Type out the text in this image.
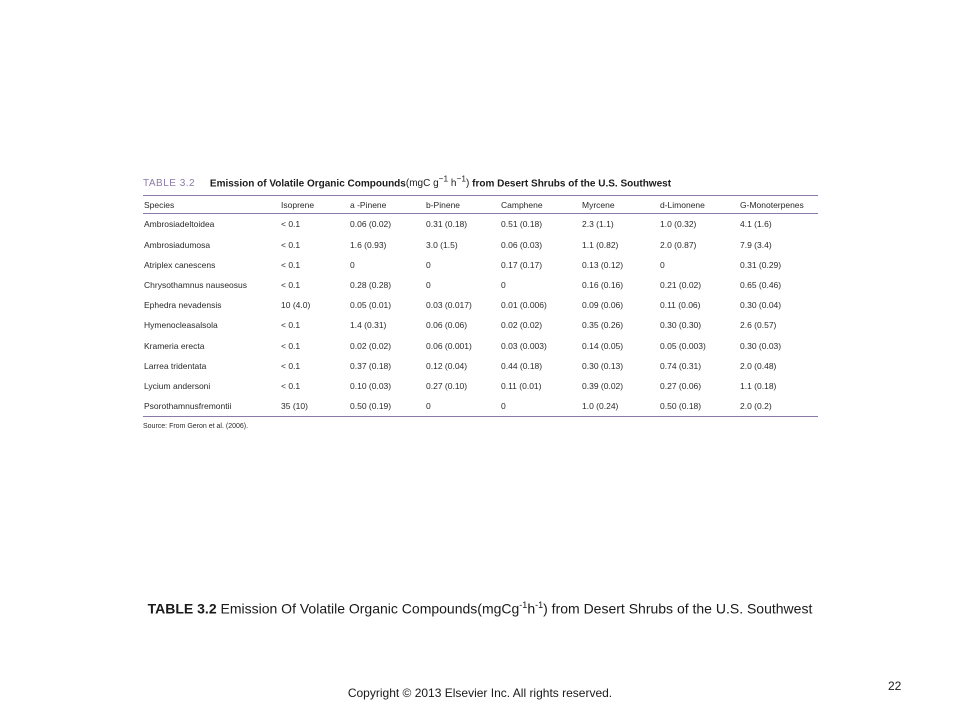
TABLE 3.2 Emission of Volatile Organic Compounds(mgC $g^{-1}$ $h^{-1}$) from Desert Shrubs of the U.S. Southwest
Species	Isoprene	a -Pinene	b-Pinene	Camphene	Myrcene	d-Limonene	G-Monoterpenes
Ambrosiadeltoidea	< 0.1	0.06 (0.02)	0.31 (0.18)	0.51 (0.18)	2.3 (1.1)	1.0 (0.32)	4.1 (1.6)
Ambrosiadumosa	< 0.1	1.6 (0.93)	3.0 (1.5)	0.06 (0.03)	1.1 (0.82)	2.0 (0.87)	7.9 (3.4)
Atriplex canescens	< 0.1	0	0	0.17 (0.17)	0.13 (0.12)	0	0.31 (0.29)
Chrysothamnus nauseosus	< 0.1	0.28 (0.28)	0	0	0.16 (0.16)	0.21 (0.02)	0.65 (0.46)
Ephedra nevadensis	10 (4.0)	0.05 (0.01)	0.03 (0.017)	0.01 (0.006)	0.09 (0.06)	0.11 (0.06)	0.30 (0.04)
Hymenocleasalsola	< 0.1	1.4 (0.31)	0.06 (0.06)	0.02 (0.02)	0.35 (0.26)	0.30 (0.30)	2.6 (0.57)
Krameria erecta	< 0.1	0.02 (0.02)	0.06 (0.001)	0.03 (0.003)	0.14 (0.05)	0.05 (0.003)	0.30 (0.03)
Larrea tridentata	< 0.1	0.37 (0.18)	0.12 (0.04)	0.44 (0.18)	0.30 (0.13)	0.74 (0.31)	2.0 (0.48)
Lycium andersoni	< 0.1	0.10 (0.03)	0.27 (0.10)	0.11 (0.01)	0.39 (0.02)	0.27 (0.06)	1.1 (0.18)
Psorothamnusfremontii	35 (10)	0.50 (0.19)	0	0	1.0 (0.24)	0.50 (0.18)	2.0 (0.2)
Source: From Geron et al. (2006).
TABLE 3.2 Emission Of Volatile Organic $Compounds(mgCg^{-1}h^{-1})$ from Desert Shrubs of the U.S. Southwest
Copyright © 2013 Elsevier Inc. All rights reserved.	22
